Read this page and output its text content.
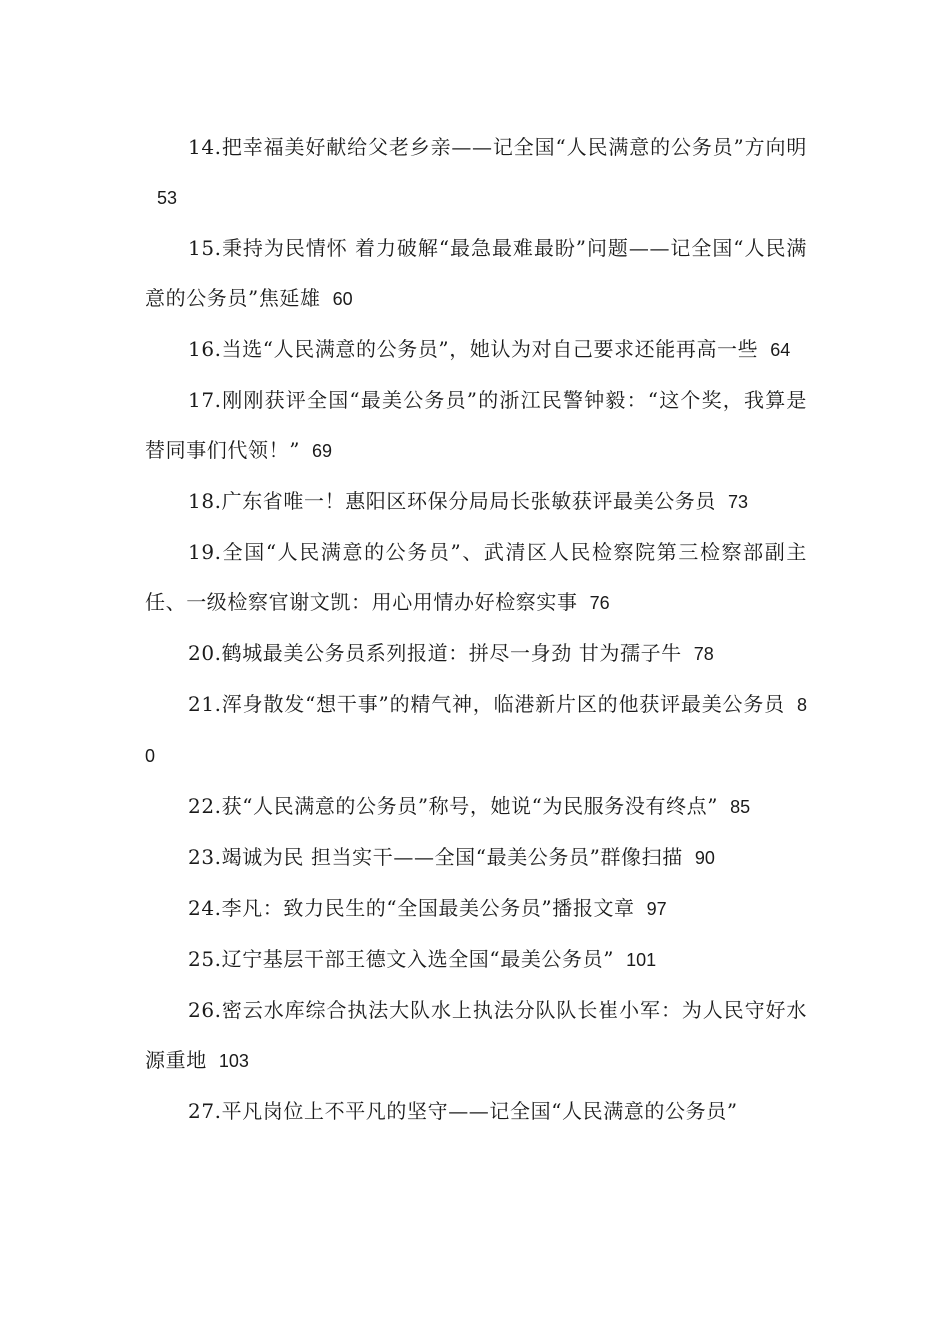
14.把幸福美好献给父老乡亲——记全国“人民满意的公务员”方向明53

15.秉持为民情怀 着力破解“最急最难最盼”问题——记全国“人民满意的公务员”焦延雄 60

16.当选“人民满意的公务员”，她认为对自己要求还能再高一些 64

17.刚刚获评全国“最美公务员”的浙江民警钟毅：“这个奖，我算是替同事们代领！” 69

18.广东省唯一！惠阳区环保分局局长张敏获评最美公务员 73

19.全国“人民满意的公务员”、武清区人民检察院第三检察部副主任、一级检察官谢文凯：用心用情办好检察实事 76

20.鹤城最美公务员系列报道：拼尽一身劲 甘为孺子牛 78

21.浑身散发“想干事”的精气神，临港新片区的他获评最美公务员 80

22.获“人民满意的公务员”称号，她说“为民服务没有终点” 85

23.竭诚为民 担当实干——全国“最美公务员”群像扫描 90

24.李凡：致力民生的“全国最美公务员”播报文章 97

25.辽宁基层干部王德文入选全国“最美公务员” 101

26.密云水库综合执法大队水上执法分队队长崔小军：为人民守好水源重地 103

27.平凡岗位上不平凡的坚守——记全国“人民满意的公务员”
